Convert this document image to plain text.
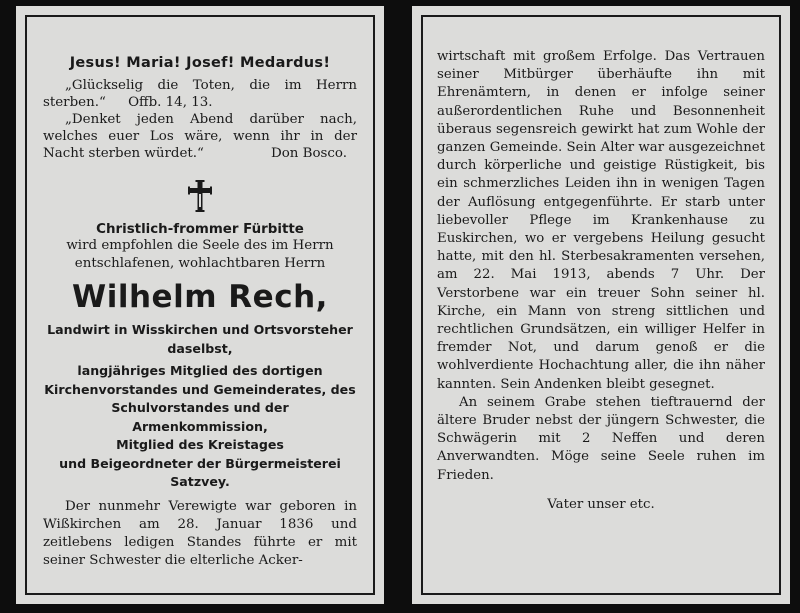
Jesus! Maria! Josef! Medardus!
„Glückselig die Toten, die im Herrn sterben.“ Offb. 14, 13.
„Denket jeden Abend darüber nach, welches euer Los wäre, wenn ihr in der Nacht sterben würdet.“	Don Bosco.
Christlich-frommer Fürbitte
wird empfohlen die Seele des im Herrn entschlafenen, wohlachtbaren Herrn
Wilhelm Rech,
Landwirt in Wisskirchen und Ortsvorsteher daselbst,
langjähriges Mitglied des dortigen Kirchenvorstandes und Gemeinderates, des Schulvorstandes und der Armenkommission,
Mitglied des Kreistages
und Beigeordneter der Bürgermeisterei Satzvey.
Der nunmehr Verewigte war geboren in Wißkirchen am 28. Januar 1836 und zeitlebens ledigen Standes führte er mit seiner Schwester die elterliche Acker-

wirtschaft mit großem Erfolge. Das Vertrauen seiner Mitbürger überhäufte ihn mit Ehrenämtern, in denen er infolge seiner außerordentlichen Ruhe und Besonnenheit überaus segensreich gewirkt hat zum Wohle der ganzen Gemeinde. Sein Alter war ausgezeichnet durch körperliche und geistige Rüstigkeit, bis ein schmerzliches Leiden ihn in wenigen Tagen der Auflösung entgegenführte. Er starb unter liebevoller Pflege im Krankenhause zu Euskirchen, wo er vergebens Heilung gesucht hatte, mit den hl. Sterbesakramenten versehen, am 22. Mai 1913, abends 7 Uhr. Der Verstorbene war ein treuer Sohn seiner hl. Kirche, ein Mann von streng sittlichen und rechtlichen Grundsätzen, ein williger Helfer in fremder Not, und darum genoß er die wohlverdiente Hochachtung aller, die ihn näher kannten. Sein Andenken bleibt gesegnet.

An seinem Grabe stehen tieftrauernd der ältere Bruder nebst der jüngern Schwester, die Schwägerin mit 2 Neffen und deren Anverwandten. Möge seine Seele ruhen im Frieden.

Vater unser etc.
